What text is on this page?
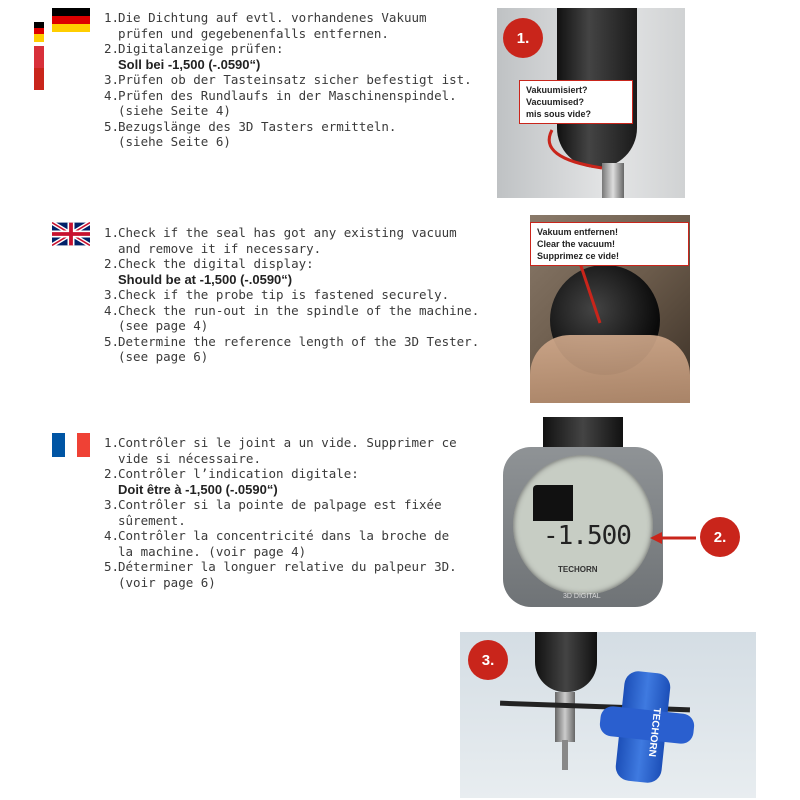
1.Die Dichtung auf evtl. vorhandenes Vakuum
prüfen und gegebenenfalls entfernen.
2.Digitalanzeige prüfen:
Soll bei -1,500 (-.0590“)
3.Prüfen ob der Tasteinsatz sicher befestigt ist.
4.Prüfen des Rundlaufs in der Maschinenspindel.
(siehe Seite 4)
5.Bezugslänge des 3D Tasters ermitteln.
(siehe Seite 6)
1.Check if the seal has got any existing vacuum
and remove it if necessary.
2.Check the digital display:
Should be at -1,500 (-.0590“)
3.Check if the probe tip is fastened securely.
4.Check the run-out in the spindle of the machine.
(see page 4)
5.Determine the reference length of the 3D Tester.
(see page 6)
1.Contrôler si le joint a un vide. Supprimer ce
vide si nécessaire.
2.Contrôler l’indication digitale:
Doit être à -1,500 (-.0590“)
3.Contrôler si la pointe de palpage est fixée
sûrement.
4.Contrôler la concentricité dans la broche de
la machine. (voir page 4)
5.Déterminer la longuer relative du palpeur 3D.
(voir page 6)
1.
Vakuumisiert?
Vacuumised?
mis sous vide?
Vakuum entfernen!
Clear the vacuum!
Supprimez ce vide!
-1.500
TECHORN
3D DIGITAL
2.
TECHORN
3.
